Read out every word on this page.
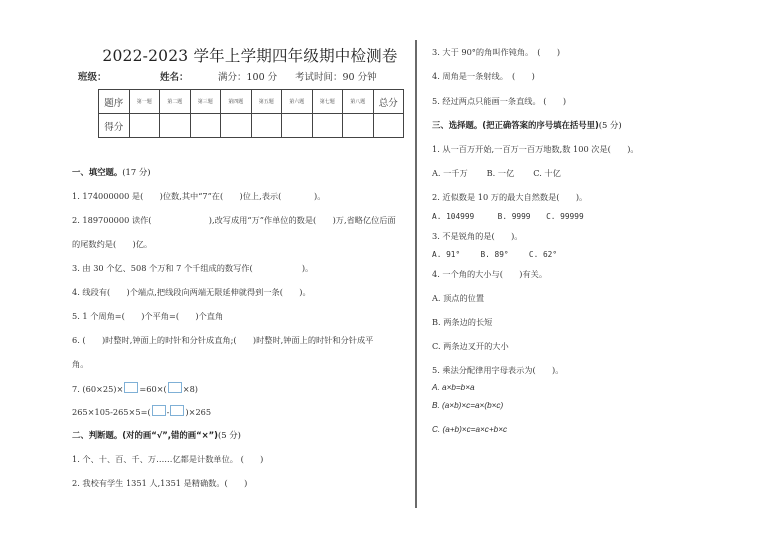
2022-2023 学年上学期四年级期中检测卷
班级：	姓名：	满分：100 分 考试时间：90 分钟
题序	第一题	第二题	第三题	第四题	第五题	第六题	第七题	第八题	总分
得分									
一、填空题。(17 分)
1. 174000000 是(　　)位数,其中“7”在(　　)位上,表示(　　　　)。
2. 189700000 读作(　　　　　　　),改写成用“万”作单位的数是(　　)万,省略亿位后面
的尾数约是(　　)亿。
3. 由 30 个亿、508 个万和 7 个千组成的数写作(　　　　　　)。
4. 线段有(　　)个端点,把线段向两端无限延伸就得到一条(　　)。
5. 1 个周角=(　　)个平角=(　　)个直角
6. (　　)时整时,钟面上的时针和分针成直角;(　　)时整时,钟面上的时针和分针成平
角。
7. (60×25)× =60×( ×8)
265×105-265×5=( - )×265
二、判断题。(对的画“√”,错的画“×”)(5 分)
1. 个、十、百、千、万……亿都是计数单位。 (　　)
2. 我校有学生 1351 人,1351 是精确数。(　　)
3. 大于 90°的角叫作钝角。　(　　)
4. 周角是一条射线。　(　　)
5. 经过两点只能画一条直线。 (　　)
三、选择题。(把正确答案的序号填在括号里)(5 分)
1. 从一百万开始,一百万一百万地数,数 100 次是(　　)。
A. 一千万　　 B. 一亿　　 C. 十亿
2. 近似数是 10 万的最大自然数是(　　)。
A. 104999　　　B. 9999　　C. 99999
3. 不是锐角的是(　　)。
A. 91°　　 B. 89°　　 C. 62°
4. 一个角的大小与(　　)有关。
A. 顶点的位置
B. 两条边的长短
C. 两条边叉开的大小
5. 乘法分配律用字母表示为(　　)。
A. a×b=b×a
B. (a×b)×c=a×(b×c)
C. (a+b)×c=a×c+b×c
